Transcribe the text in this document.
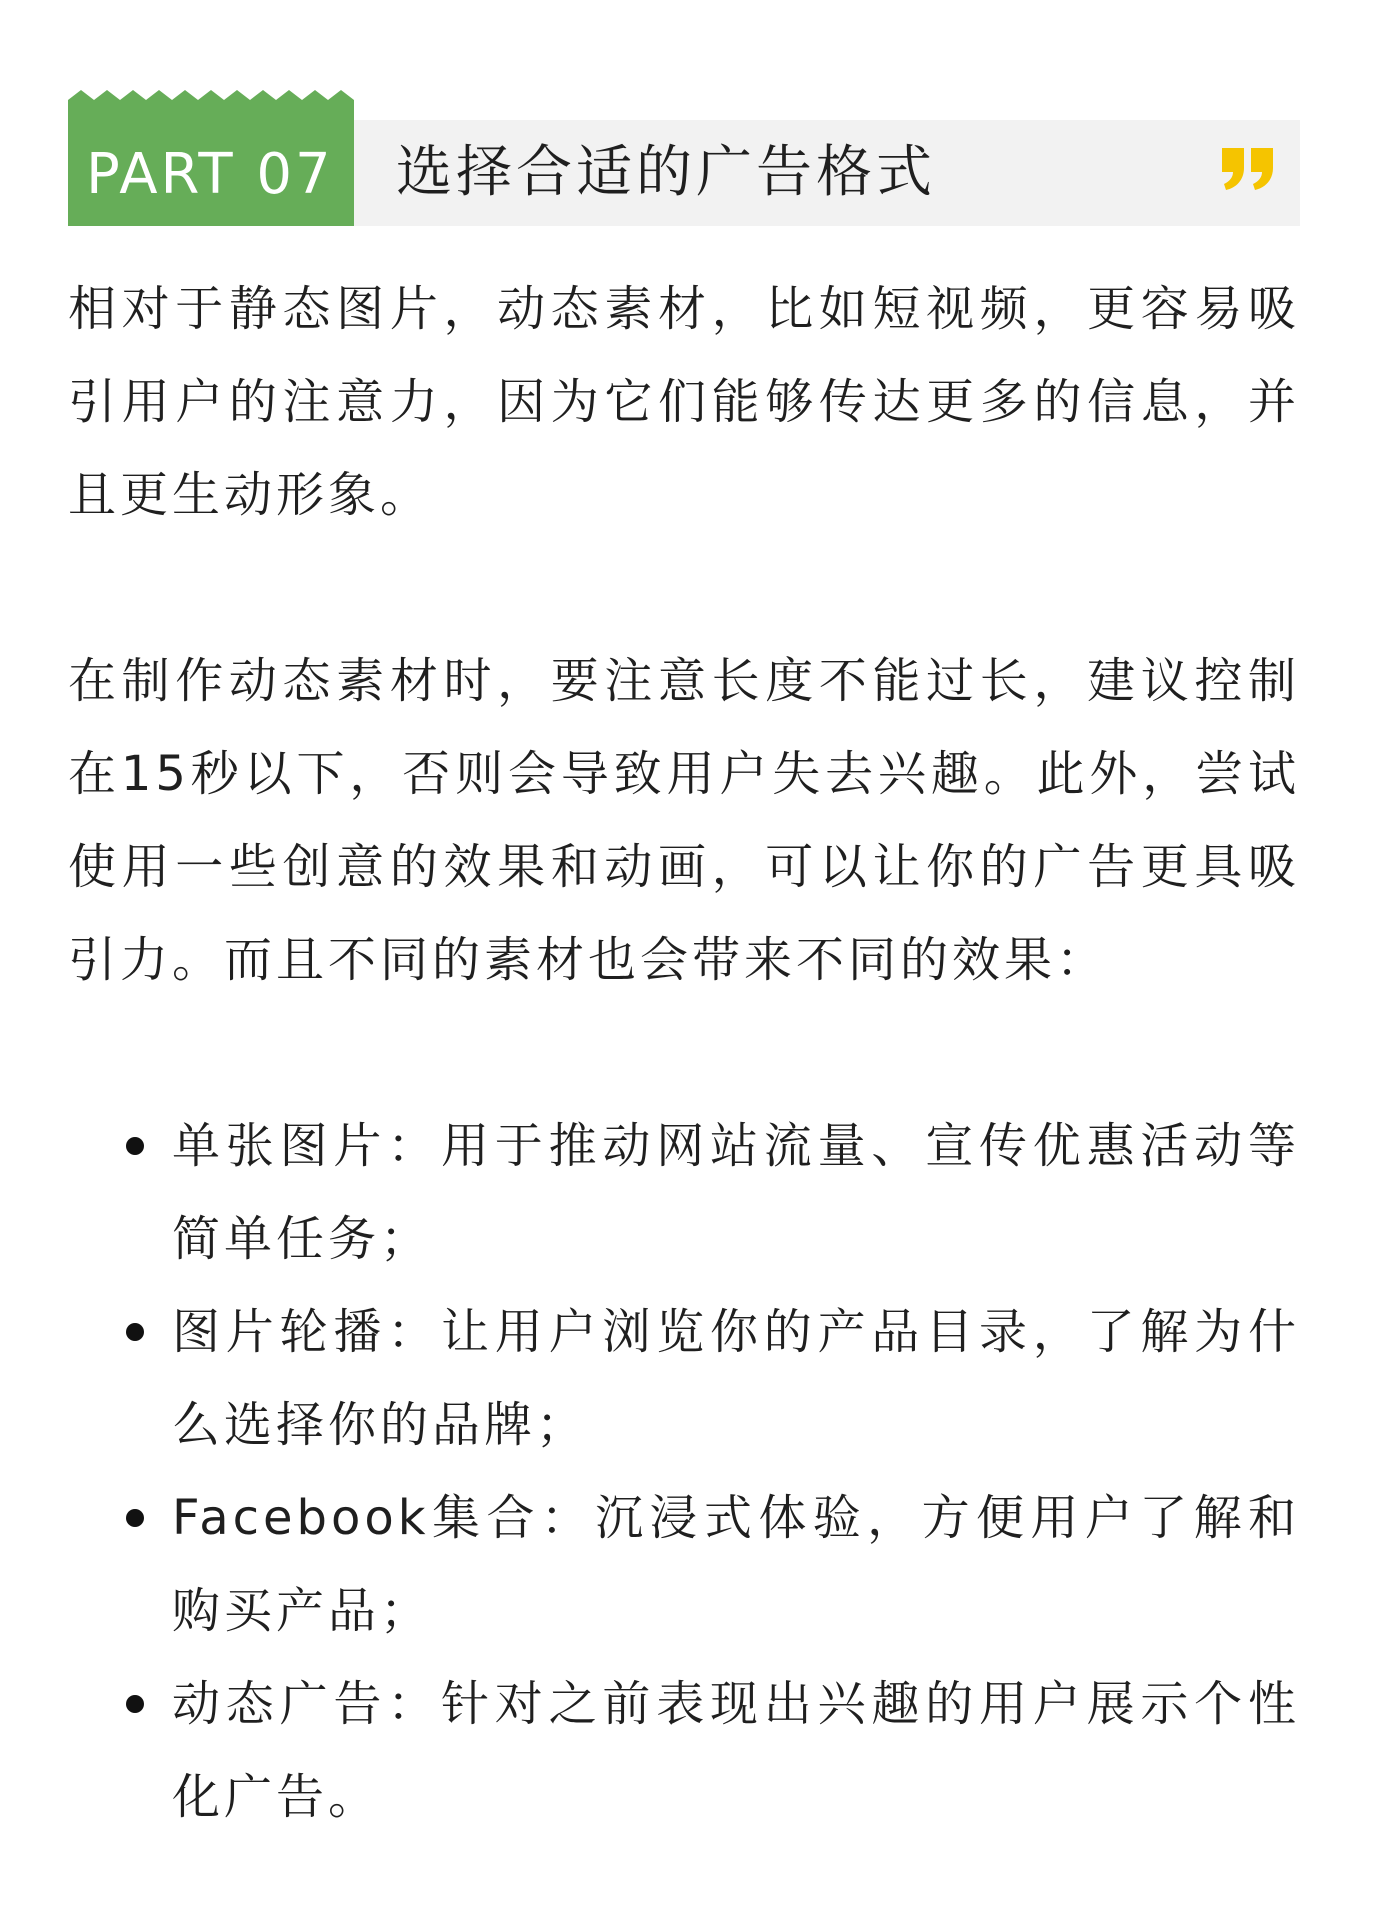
PART 07 选择合适的广告格式

相对于静态图片，动态素材，比如短视频，更容易吸引用户的注意力，因为它们能够传达更多的信息，并且更生动形象。

在制作动态素材时，要注意长度不能过长，建议控制在15秒以下，否则会导致用户失去兴趣。此外，尝试使用一些创意的效果和动画，可以让你的广告更具吸引力。而且不同的素材也会带来不同的效果：

单张图片：用于推动网站流量、宣传优惠活动等简单任务；
图片轮播：让用户浏览你的产品目录，了解为什么选择你的品牌；
Facebook集合：沉浸式体验，方便用户了解和购买产品；
动态广告：针对之前表现出兴趣的用户展示个性化广告。
